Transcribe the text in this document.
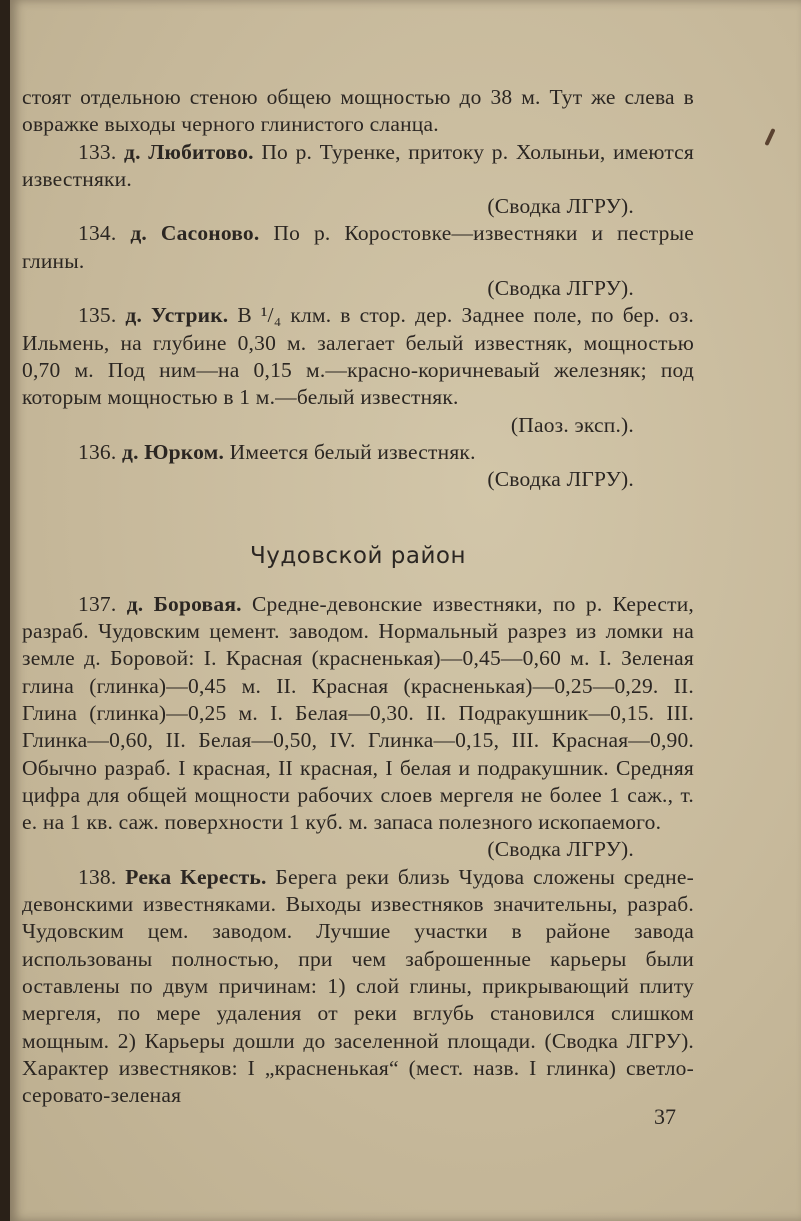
стоят отдельною стеною общею мощностью до 38 м. Тут же слева в овражке выходы черного глинистого сланца.

133. д. Любитово. По р. Туренке, притоку р. Холыньи, имеются известняки.

(Сводка ЛГРУ).

134. д. Сасоново. По р. Коростовке—известняки и пестрые глины.

(Сводка ЛГРУ).

135. д. Устрик. В ¹/₄ клм. в стор. дер. Заднее поле, по бер. оз. Ильмень, на глубине 0,30 м. залегает белый известняк, мощностью 0,70 м. Под ним—на 0,15 м.—красно-коричневаый железняк; под которым мощностью в 1 м.—белый известняк.

(Паоз. эксп.).

136. д. Юрком. Имеется белый известняк.

(Сводка ЛГРУ).

Чудовской район

137. д. Боровая. Средне-девонские известняки, по р. Керести, разраб. Чудовским цемент. заводом. Нормальный разрез из ломки на земле д. Боровой: I. Красная (красненькая)—0,45—0,60 м. I. Зеленая глина (глинка)—0,45 м. II. Красная (красненькая)—0,25—0,29. II. Глина (глинка)—0,25 м. I. Белая—0,30. II. Подракушник—0,15. III. Глинка—0,60, II. Белая—0,50, IV. Глинка—0,15, III. Красная—0,90. Обычно разраб. I красная, II красная, I белая и подракушник. Средняя цифра для общей мощности рабочих слоев мергеля не более 1 саж., т. е. на 1 кв. саж. поверхности 1 куб. м. запаса полезного ископаемого.

(Сводка ЛГРУ).

138. Река Keресть. Берега реки близь Чудова сложены средне-девонскими известняками. Выходы известняков значительны, разраб. Чудовским цем. заводом. Лучшие участки в районе завода использованы полностью, при чем заброшенные карьеры были оставлены по двум причинам: 1) слой глины, прикрывающий плиту мергеля, по мере удаления от реки вглубь становился слишком мощным. 2) Карьеры дошли до заселенной площади. (Сводка ЛГРУ). Характер известняков: I „красненькая“ (мест. назв. I глинка) светло-серовато-зеленая

37
